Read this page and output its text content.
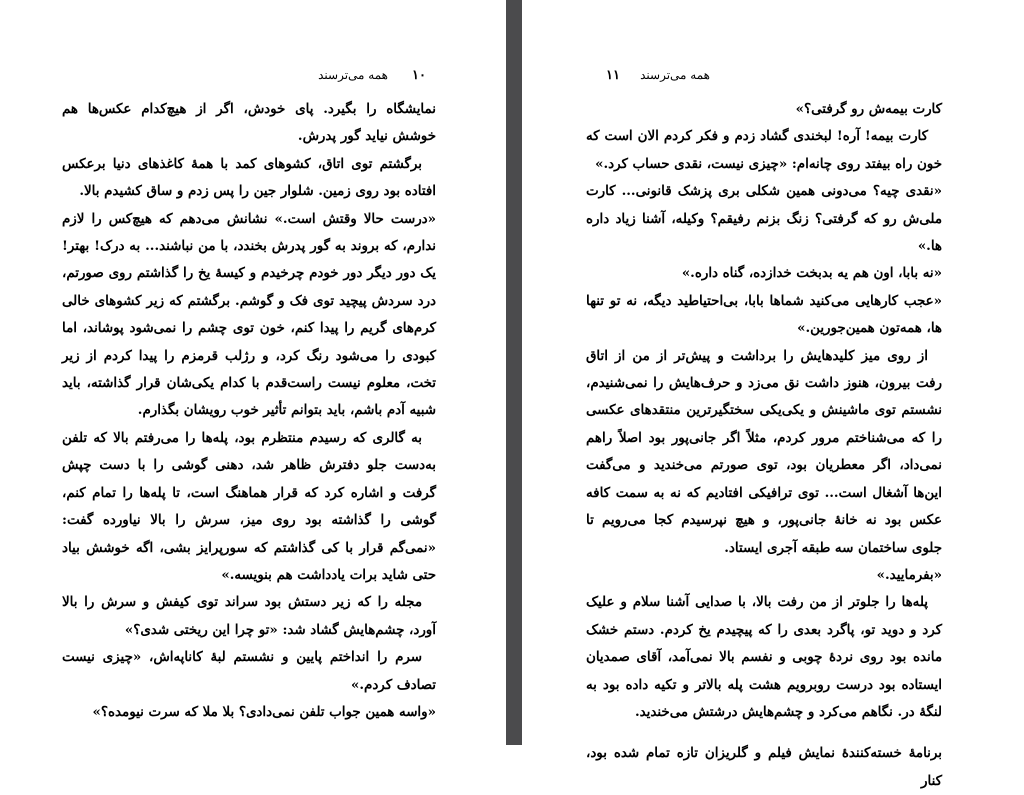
۱۰
همه می‌ترسند

نمایشگاه را بگیرد. پای خودش، اگر از هیچ‌کدام عکس‌ها هم خوشش نیاید گور پدرش.

برگشتم توی اتاق، کشوهای کمد با همهٔ کاغذهای دنیا برعکس افتاده بود روی زمین. شلوار جین را پس زدم و ساق کشیدم بالا.

«درست حالا وقتش است.» نشانش می‌دهم که هیچ‌کس را لازم ندارم، که بروند به گور پدرش بخندد، با من نباشند... به درک! بهتر! یک دور دیگر دور خودم چرخیدم و کیسهٔ یخ را گذاشتم روی صورتم، درد سردش پیچید توی فک و گوشم. برگشتم که زیر کشوهای خالی کرم‌های گریم را پیدا کنم، خون توی چشم را نمی‌شود پوشاند، اما کبودی را می‌شود رنگ کرد، و رژلب قرمزم را پیدا کردم از زیر تخت، معلوم نیست راست‌قدم با کدام یکی‌شان قرار گذاشته، باید شبیه آدم باشم، باید بتوانم تأثیر خوب رویشان بگذارم.

به گالری که رسیدم منتظرم بود، پله‌ها را می‌رفتم بالا که تلفن به‌دست جلو دفترش ظاهر شد، دهنی گوشی را با دست چپش گرفت و اشاره کرد که قرار هماهنگ است، تا پله‌ها را تمام کنم، گوشی را گذاشته بود روی میز، سرش را بالا نیاورده گفت: «نمی‌گم قرار با کی گذاشتم که سورپرایز بشی، اگه خوشش بیاد حتی شاید برات یادداشت هم بنویسه.»

مجله را که زیر دستش بود سراند توی کیفش و سرش را بالا آورد، چشم‌هایش گشاد شد: «تو چرا این ریختی شدی؟»

سرم را انداختم پایین و نشستم لبهٔ کاناپه‌اش، «چیزی نیست تصادف کردم.»

«واسه همین جواب تلفن نمی‌دادی؟ بلا ملا که سرت نیومده؟»

۱۱ همه می‌ترسند

کارت بیمه‌ش رو گرفتی؟»

کارت بیمه! آره! لبخندی گشاد زدم و فکر کردم الان است که خون راه بیفتد روی چانه‌ام: «چیزی نیست، نقدی حساب کرد.»

«نقدی چیه؟ می‌دونی همین شکلی بری پزشک قانونی... کارت ملی‌ش رو که گرفتی؟ زنگ بزنم رفیقم؟ وکیله، آشنا زیاد داره ها.»

«نه بابا، اون هم یه بدبخت خدازده، گناه داره.»

«عجب کارهایی می‌کنید شماها بابا، بی‌احتیاطید دیگه، نه تو تنها ها، همه‌تون همین‌جورین.»

از روی میز کلیدهایش را برداشت و پیش‌تر از من از اتاق رفت بیرون، هنوز داشت نق می‌زد و حرف‌هایش را نمی‌شنیدم، نشستم توی ماشینش و یکی‌یکی سختگیرترین منتقدهای عکسی را که می‌شناختم مرور کردم، مثلاً اگر جانی‌پور بود اصلاً راهم نمی‌داد، اگر معطریان بود، توی صورتم می‌خندید و می‌گفت این‌ها آشغال است... توی ترافیکی افتادیم که نه به سمت کافه عکس بود نه خانهٔ جانی‌پور، و هیچ نپرسیدم کجا می‌رویم تا جلوی ساختمان سه طبقه آجری ایستاد.

«بفرمایید.»

پله‌ها را جلوتر از من رفت بالا، با صدایی آشنا سلام و علیک کرد و دوید تو، پاگرد بعدی را که پیچیدم یخ کردم. دستم خشک مانده بود روی نردهٔ چوبی و نفسم بالا نمی‌آمد، آقای صمدیان ایستاده بود درست روبرویم هشت پله بالاتر و تکیه داده بود به لنگهٔ در. نگاهم می‌کرد و چشم‌هایش درشتش می‌خندید.

برنامهٔ خسته‌کنندهٔ نمایش فیلم و گلریزان تازه تمام شده بود، کنار
